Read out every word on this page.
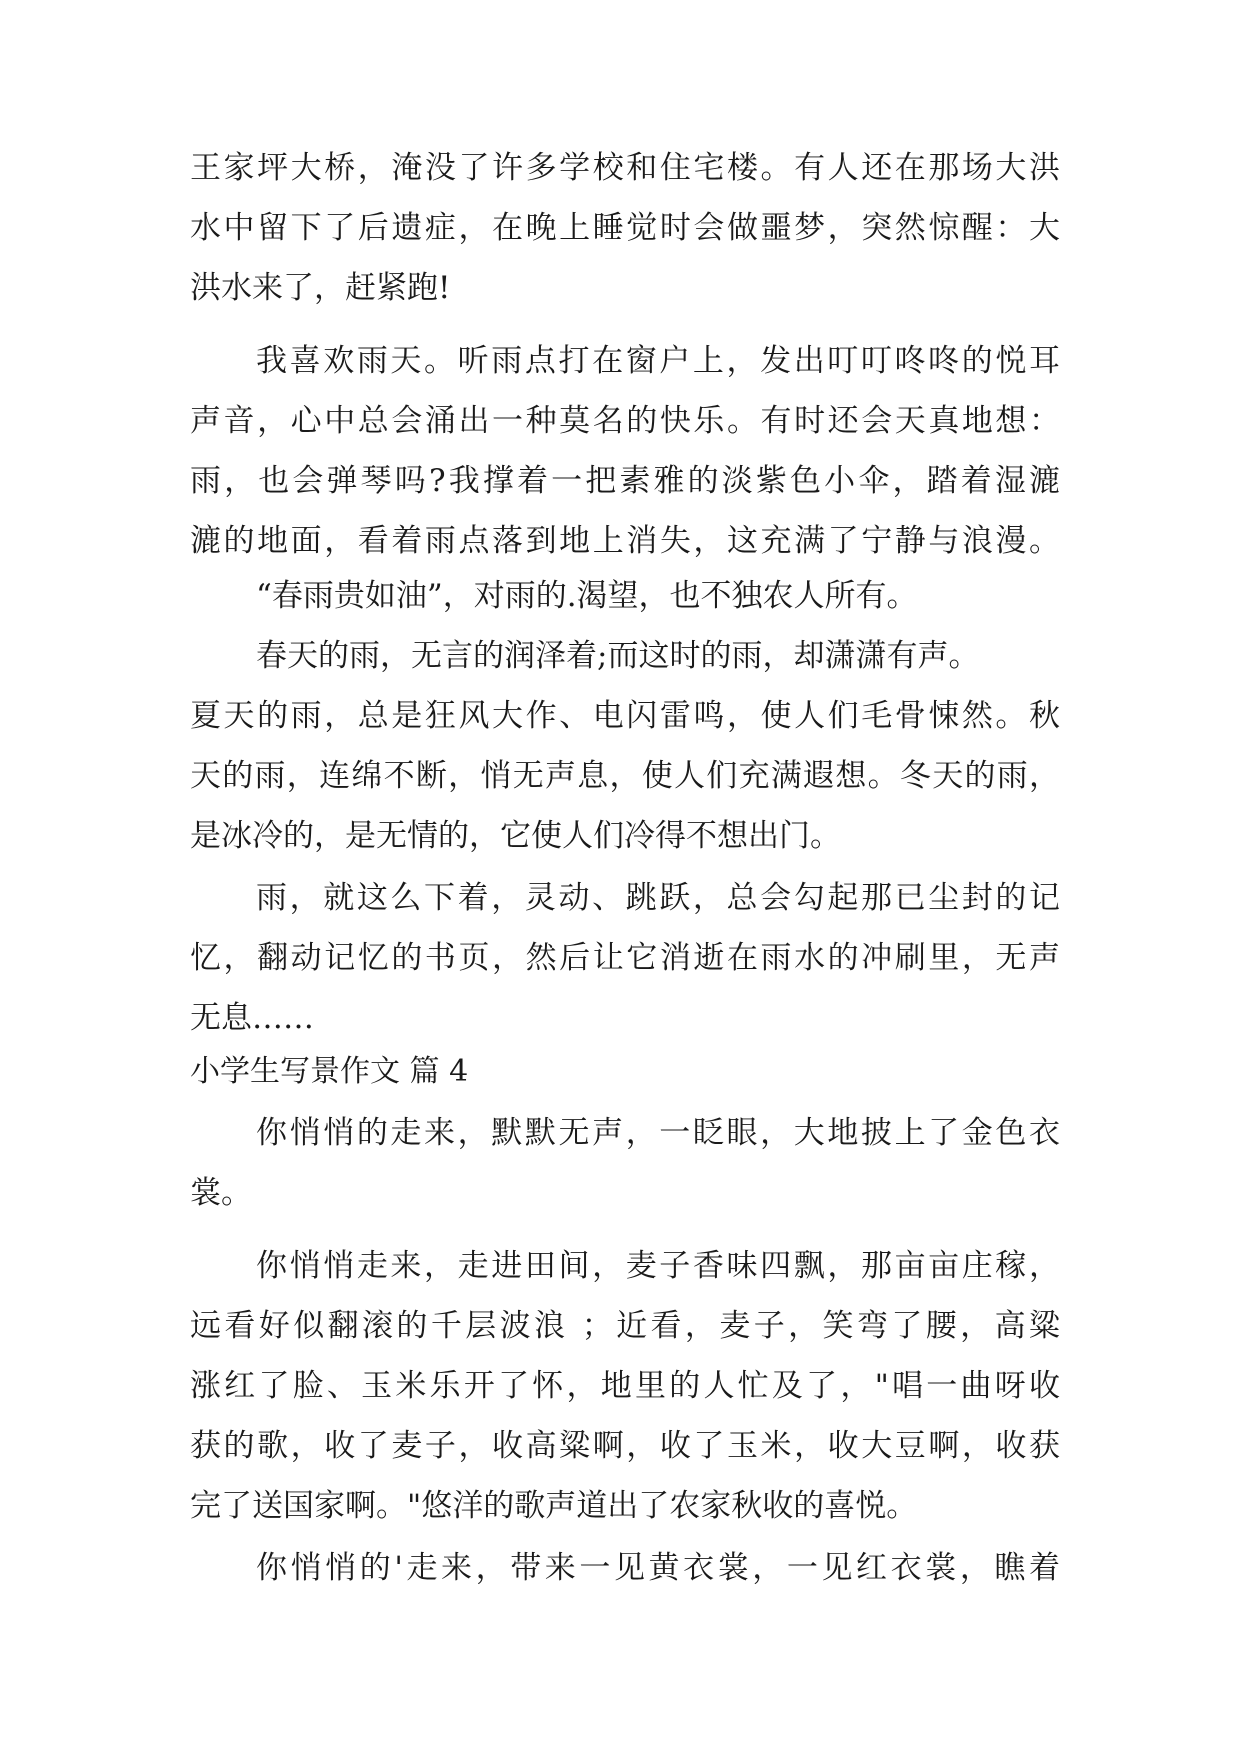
王家坪大桥，淹没了许多学校和住宅楼。有人还在那场大洪
水中留下了后遗症，在晚上睡觉时会做噩梦，突然惊醒：大
洪水来了，赶紧跑!
我喜欢雨天。听雨点打在窗户上，发出叮叮咚咚的悦耳
声音，心中总会涌出一种莫名的快乐。有时还会天真地想：
雨，也会弹琴吗?我撑着一把素雅的淡紫色小伞，踏着湿漉
漉的地面，看着雨点落到地上消失，这充满了宁静与浪漫。
“春雨贵如油”，对雨的.渴望，也不独农人所有。
春天的雨，无言的润泽着;而这时的雨，却潇潇有声。
夏天的雨，总是狂风大作、电闪雷鸣，使人们毛骨悚然。秋
天的雨，连绵不断，悄无声息，使人们充满遐想。冬天的雨，
是冰冷的，是无情的，它使人们冷得不想出门。
雨，就这么下着，灵动、跳跃，总会勾起那已尘封的记
忆，翻动记忆的书页，然后让它消逝在雨水的冲刷里，无声
无息……
小学生写景作文 篇 4
你悄悄的走来，默默无声，一眨眼，大地披上了金色衣
裳。
你悄悄走来，走进田间，麦子香味四飘，那亩亩庄稼，
远看好似翻滚的千层波浪 ；近看，麦子，笑弯了腰，高粱
涨红了脸、玉米乐开了怀，地里的人忙及了，"唱一曲呀收
获的歌，收了麦子，收高粱啊，收了玉米，收大豆啊，收获
完了送国家啊。"悠洋的歌声道出了农家秋收的喜悦。
你悄悄的'走来，带来一见黄衣裳，一见红衣裳，瞧着
